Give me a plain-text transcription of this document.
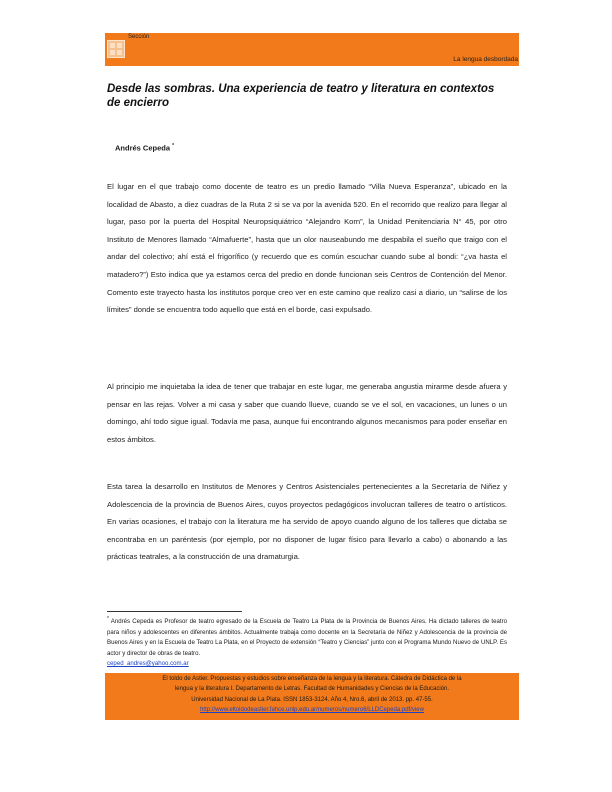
Sección
La lengua desbordada
Desde las sombras. Una experiencia de teatro y literatura en contextos de encierro
Andrés Cepeda *
El lugar en el que trabajo como docente de teatro es un predio llamado “Villa Nueva Esperanza”, ubicado en la localidad de Abasto, a diez cuadras de la Ruta 2 si se va por la avenida 520. En el recorrido que realizo para llegar al lugar, paso por la puerta del Hospital Neuropsiquiátrico “Alejandro Korn”, la Unidad Penitenciaria N° 45, por otro Instituto de Menores llamado “Almafuerte”, hasta que un olor nauseabundo me despabila el sueño que traigo con el andar del colectivo; ahí está el frigorífico (y recuerdo que es común escuchar cuando sube al bondi: “¿va hasta el matadero?”) Esto indica que ya estamos cerca del predio en donde funcionan seis Centros de Contención del Menor. Comento este trayecto hasta los institutos porque creo ver en este camino que realizo casi a diario, un “salirse de los límites” donde se encuentra todo aquello que está en el borde, casi expulsado.
Al principio me inquietaba la idea de tener que trabajar en este lugar, me generaba angustia mirarme desde afuera y pensar en las rejas. Volver a mi casa y saber que cuando llueve, cuando se ve el sol, en vacaciones, un lunes o un domingo, ahí todo sigue igual. Todavía me pasa, aunque fui encontrando algunos mecanismos para poder enseñar en estos ámbitos.
Esta tarea la desarrollo en Institutos de Menores y Centros Asistenciales pertenecientes a la Secretaría de Niñez y Adolescencia de la provincia de Buenos Aires, cuyos proyectos pedagógicos involucran talleres de teatro o artísticos. En varias ocasiones, el trabajo con la literatura me ha servido de apoyo cuando alguno de los talleres que dictaba se encontraba en un paréntesis (por ejemplo, por no disponer de lugar físico para llevarlo a cabo) o abonando a las prácticas teatrales, a la construcción de una dramaturgia.
* Andrés Cepeda es Profesor de teatro egresado de la Escuela de Teatro La Plata de la Provincia de Buenos Aires. Ha dictado talleres de teatro para niños y adolescentes en diferentes ámbitos. Actualmente trabaja como docente en la Secretaría de Niñez y Adolescencia de la provincia de Buenos Aires y en la Escuela de Teatro La Plata, en el Proyecto de extensión “Teatro y Ciencias” junto con el Programa Mundo Nuevo de UNLP. Es actor y director de obras de teatro.
ceped_andres@yahoo.com.ar
El toldo de Astier. Propuestas y estudios sobre enseñanza de la lengua y la literatura. Cátedra de Didáctica de la
lengua y la literatura I. Departamento de Letras. Facultad de Humanidades y Ciencias de la Educación.
Universidad Nacional de La Plata. ISSN 1853-3124. Año 4, Nro.6, abril de 2013. pp. 47-55.
http://www.eltoldodeastier.fahce.unlp.edu.ar/numeros/numero6/LLDCepeda.pdf/view
